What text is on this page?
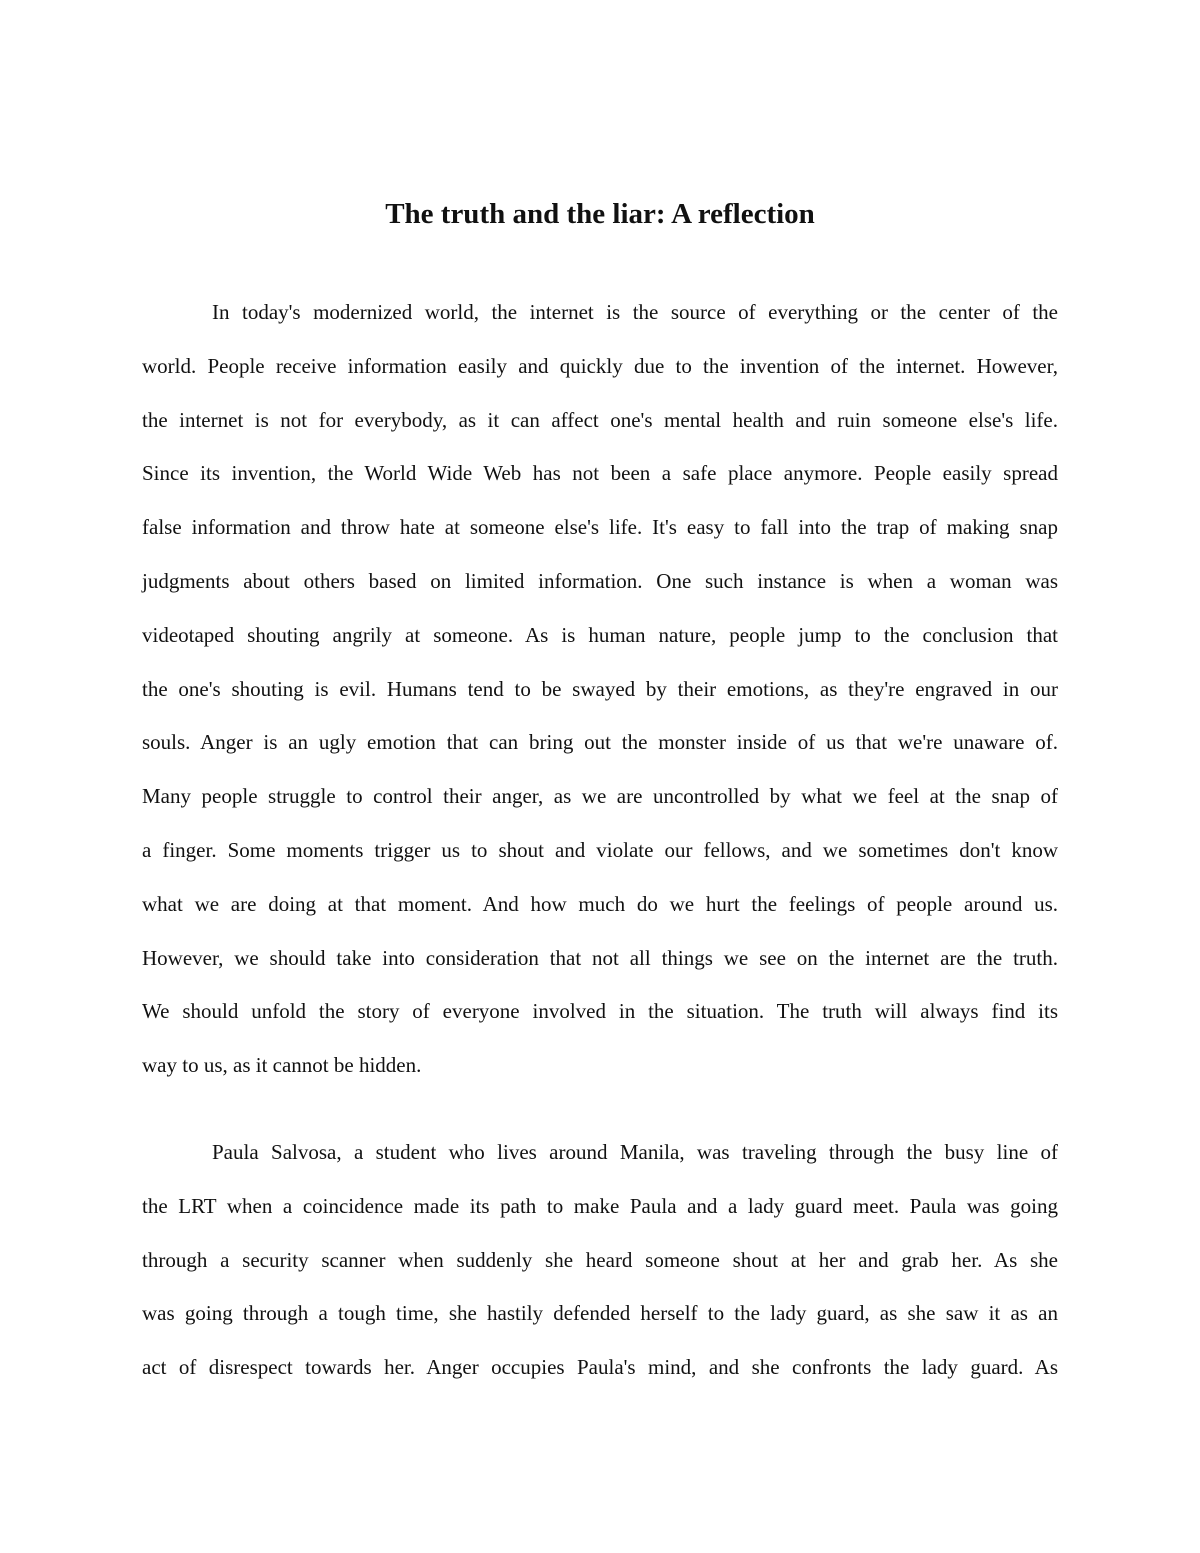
The truth and the liar: A reflection
In today's modernized world, the internet is the source of everything or the center of the
world. People receive information easily and quickly due to the invention of the internet. However,
the internet is not for everybody, as it can affect one's mental health and ruin someone else's life.
Since its invention, the World Wide Web has not been a safe place anymore. People easily spread
false information and throw hate at someone else's life. It's easy to fall into the trap of making snap
judgments about others based on limited information. One such instance is when a woman was
videotaped shouting angrily at someone. As is human nature, people jump to the conclusion that
the one's shouting is evil. Humans tend to be swayed by their emotions, as they're engraved in our
souls. Anger is an ugly emotion that can bring out the monster inside of us that we're unaware of.
Many people struggle to control their anger, as we are uncontrolled by what we feel at the snap of
a finger. Some moments trigger us to shout and violate our fellows, and we sometimes don't know
what we are doing at that moment. And how much do we hurt the feelings of people around us.
However, we should take into consideration that not all things we see on the internet are the truth.
We should unfold the story of everyone involved in the situation. The truth will always find its
way to us, as it cannot be hidden.
Paula Salvosa, a student who lives around Manila, was traveling through the busy line of
the LRT when a coincidence made its path to make Paula and a lady guard meet. Paula was going
through a security scanner when suddenly she heard someone shout at her and grab her. As she
was going through a tough time, she hastily defended herself to the lady guard, as she saw it as an
act of disrespect towards her. Anger occupies Paula's mind, and she confronts the lady guard. As
